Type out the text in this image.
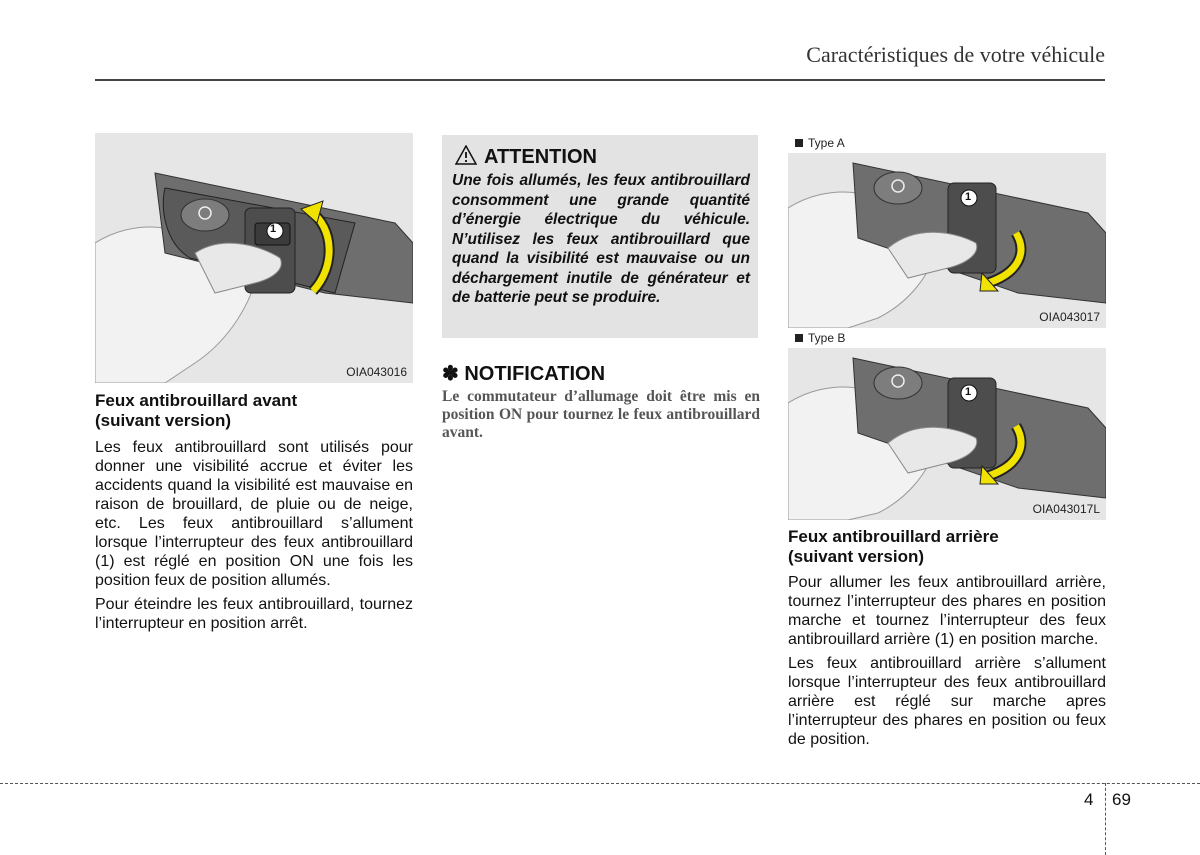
Caractéristiques de votre véhicule
1
OIA043016
Feux antibrouillard avant
(suivant version)

Les feux antibrouillard sont utilisés pour donner une visibilité accrue et éviter les accidents quand la visibilité est mauvaise en raison de brouillard, de pluie ou de neige, etc. Les feux antibrouillard s’allument lorsque l’interrupteur des feux antibrouillard (1) est réglé en position ON une fois les position feux de position allumés.

Pour éteindre les feux antibrouillard, tournez l’interrupteur en position arrêt.

ATTENTION
Une fois allumés, les feux antibrouillard consomment une grande quantité d’énergie électrique du véhicule. N’utilisez les feux antibrouillard que quand la visibilité est mauvaise ou un déchargement inutile de générateur et de batterie peut se produire.
✽ NOTIFICATION
Le commutateur d’allumage doit être mis en position ON pour tournez le feux antibrouillard avant.
Type A
1
OIA043017
Type B
1
OIA043017L
Feux antibrouillard arrière
(suivant version)

Pour allumer les feux antibrouillard arrière, tournez l’interrupteur des phares en position marche et tournez l’interrupteur des feux antibrouillard arrière (1) en position marche.

Les feux antibrouillard arrière s’allument lorsque l’interrupteur des feux antibrouillard arrière est réglé sur marche apres l’interrupteur des phares en position ou feux de position.

4 69
